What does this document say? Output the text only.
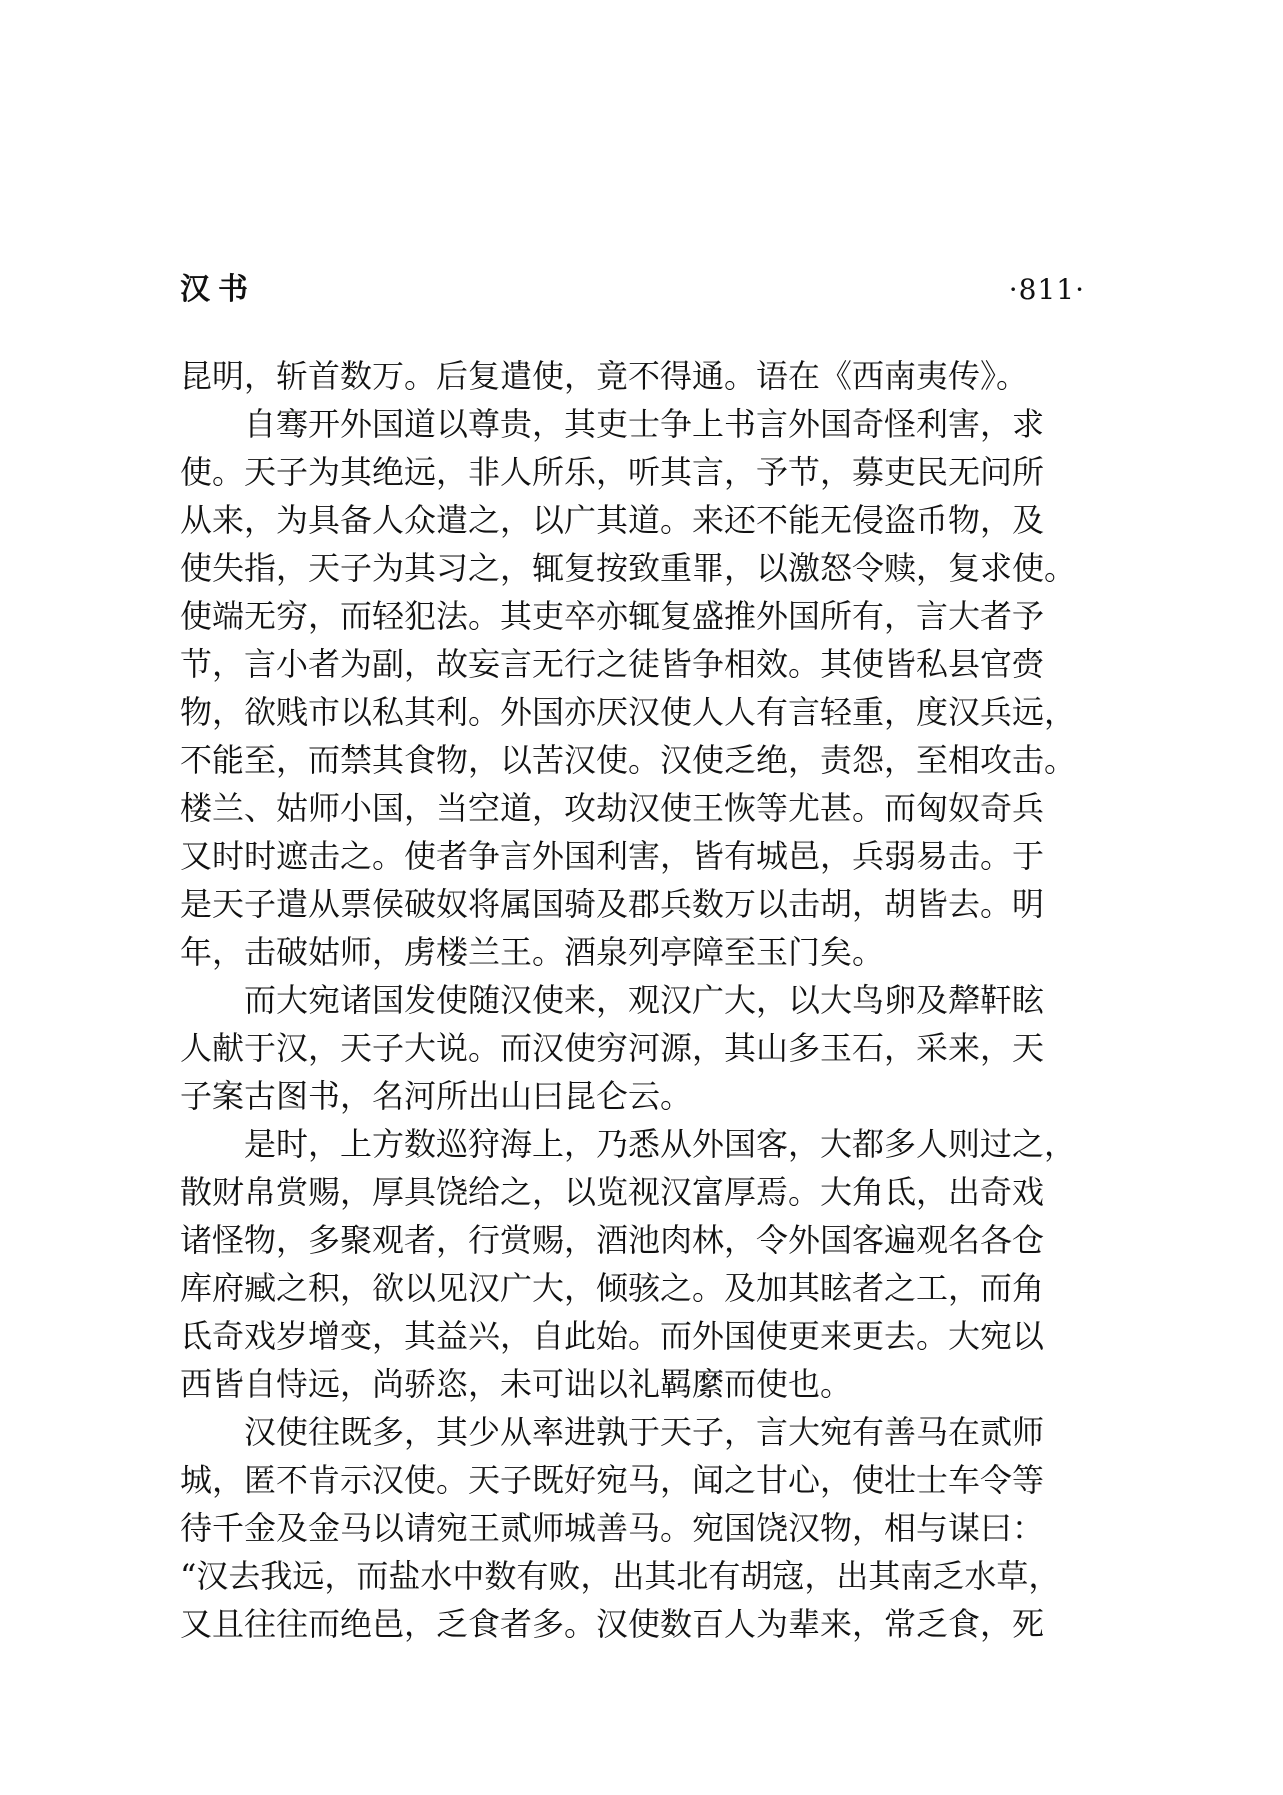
汉书	·811·
昆明，斩首数万。后复遣使，竟不得通。语在《西南夷传》。
自骞开外国道以尊贵，其吏士争上书言外国奇怪利害，求
使。天子为其绝远，非人所乐，听其言，予节，募吏民无问所
从来，为具备人众遣之，以广其道。来还不能无侵盗币物，及
使失指，天子为其习之，辄复按致重罪，以激怒令赎，复求使。
使端无穷，而轻犯法。其吏卒亦辄复盛推外国所有，言大者予
节，言小者为副，故妄言无行之徒皆争相效。其使皆私县官赍
物，欲贱市以私其利。外国亦厌汉使人人有言轻重，度汉兵远，
不能至，而禁其食物，以苦汉使。汉使乏绝，责怨，至相攻击。
楼兰、姑师小国，当空道，攻劫汉使王恢等尤甚。而匈奴奇兵
又时时遮击之。使者争言外国利害，皆有城邑，兵弱易击。于
是天子遣从票侯破奴将属国骑及郡兵数万以击胡，胡皆去。明
年，击破姑师，虏楼兰王。酒泉列亭障至玉门矣。
而大宛诸国发使随汉使来，观汉广大，以大鸟卵及犛靬眩
人献于汉，天子大说。而汉使穷河源，其山多玉石，采来，天
子案古图书，名河所出山曰昆仑云。
是时，上方数巡狩海上，乃悉从外国客，大都多人则过之，
散财帛赏赐，厚具饶给之，以览视汉富厚焉。大角氐，出奇戏
诸怪物，多聚观者，行赏赐，酒池肉林，令外国客遍观名各仓
库府臧之积，欲以见汉广大，倾骇之。及加其眩者之工，而角
氐奇戏岁增变，其益兴，自此始。而外国使更来更去。大宛以
西皆自恃远，尚骄恣，未可诎以礼羁縻而使也。
汉使往既多，其少从率进孰于天子，言大宛有善马在贰师
城，匿不肯示汉使。天子既好宛马，闻之甘心，使壮士车令等
待千金及金马以请宛王贰师城善马。宛国饶汉物，相与谋曰：
“汉去我远，而盐水中数有败，出其北有胡寇，出其南乏水草，
又且往往而绝邑，乏食者多。汉使数百人为辈来，常乏食，死
